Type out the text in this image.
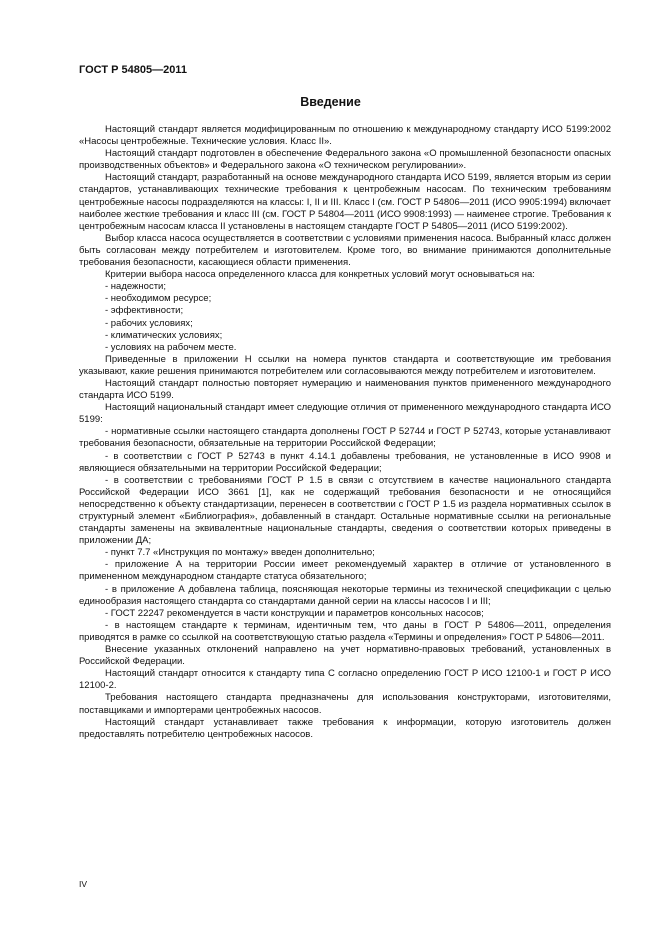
ГОСТ Р 54805—2011
Введение

Настоящий стандарт является модифицированным по отношению к международному стандарту ИСО 5199:2002 «Насосы центробежные. Технические условия. Класс II».

Настоящий стандарт подготовлен в обеспечение Федерального закона «О промышленной безопасности опасных производственных объектов» и Федерального закона «О техническом регулировании».

Настоящий стандарт, разработанный на основе международного стандарта ИСО 5199, является вторым из серии стандартов, устанавливающих технические требования к центробежным насосам. По техническим требованиям центробежные насосы подразделяются на классы: I, II и III. Класс I (см. ГОСТ Р 54806—2011 (ИСО 9905:1994) включает наиболее жесткие требования и класс III (см. ГОСТ Р 54804—2011 (ИСО 9908:1993) — наименее строгие. Требования к центробежным насосам класса II установлены в настоящем стандарте ГОСТ Р 54805—2011 (ИСО 5199:2002).

Выбор класса насоса осуществляется в соответствии с условиями применения насоса. Выбранный класс должен быть согласован между потребителем и изготовителем. Кроме того, во внимание принимаются дополнительные требования безопасности, касающиеся области применения.

Критерии выбора насоса определенного класса для конкретных условий могут основываться на:

- надежности;

- необходимом ресурсе;

- эффективности;

- рабочих условиях;

- климатических условиях;

- условиях на рабочем месте.

Приведенные в приложении Н ссылки на номера пунктов стандарта и соответствующие им требования указывают, какие решения принимаются потребителем или согласовываются между потребителем и изготовителем.

Настоящий стандарт полностью повторяет нумерацию и наименования пунктов примененного международного стандарта ИСО 5199.

Настоящий национальный стандарт имеет следующие отличия от примененного международного стандарта ИСО 5199:

- нормативные ссылки настоящего стандарта дополнены ГОСТ Р 52744 и ГОСТ Р 52743, которые устанавливают требования безопасности, обязательные на территории Российской Федерации;

- в соответствии с ГОСТ Р 52743 в пункт 4.14.1 добавлены требования, не установленные в ИСО 9908 и являющиеся обязательными на территории Российской Федерации;

- в соответствии с требованиями ГОСТ Р 1.5 в связи с отсутствием в качестве национального стандарта Российской Федерации ИСО 3661 [1], как не содержащий требования безопасности и не относящийся непосредственно к объекту стандартизации, перенесен в соответствии с ГОСТ Р 1.5 из раздела нормативных ссылок в структурный элемент «Библиография», добавленный в стандарт. Остальные нормативные ссылки на региональные стандарты заменены на эквивалентные национальные стандарты, сведения о соответствии которых приведены в приложении ДА;

- пункт 7.7 «Инструкция по монтажу» введен дополнительно;

- приложение А на территории России имеет рекомендуемый характер в отличие от установленного в примененном международном стандарте статуса обязательного;

- в приложение А добавлена таблица, поясняющая некоторые термины из технической спецификации с целью единообразия настоящего стандарта со стандартами данной серии на классы насосов I и III;

- ГОСТ 22247 рекомендуется в части конструкции и параметров консольных насосов;

- в настоящем стандарте к терминам, идентичным тем, что даны в ГОСТ Р 54806—2011, определения приводятся в рамке со ссылкой на соответствующую статью раздела «Термины и определения» ГОСТ Р 54806—2011.

Внесение указанных отклонений направлено на учет нормативно-правовых требований, установленных в Российской Федерации.

Настоящий стандарт относится к стандарту типа С согласно определению ГОСТ Р ИСО 12100-1 и ГОСТ Р ИСО 12100-2.

Требования настоящего стандарта предназначены для использования конструкторами, изготовителями, поставщиками и импортерами центробежных насосов.

Настоящий стандарт устанавливает также требования к информации, которую изготовитель должен предоставлять потребителю центробежных насосов.

IV
